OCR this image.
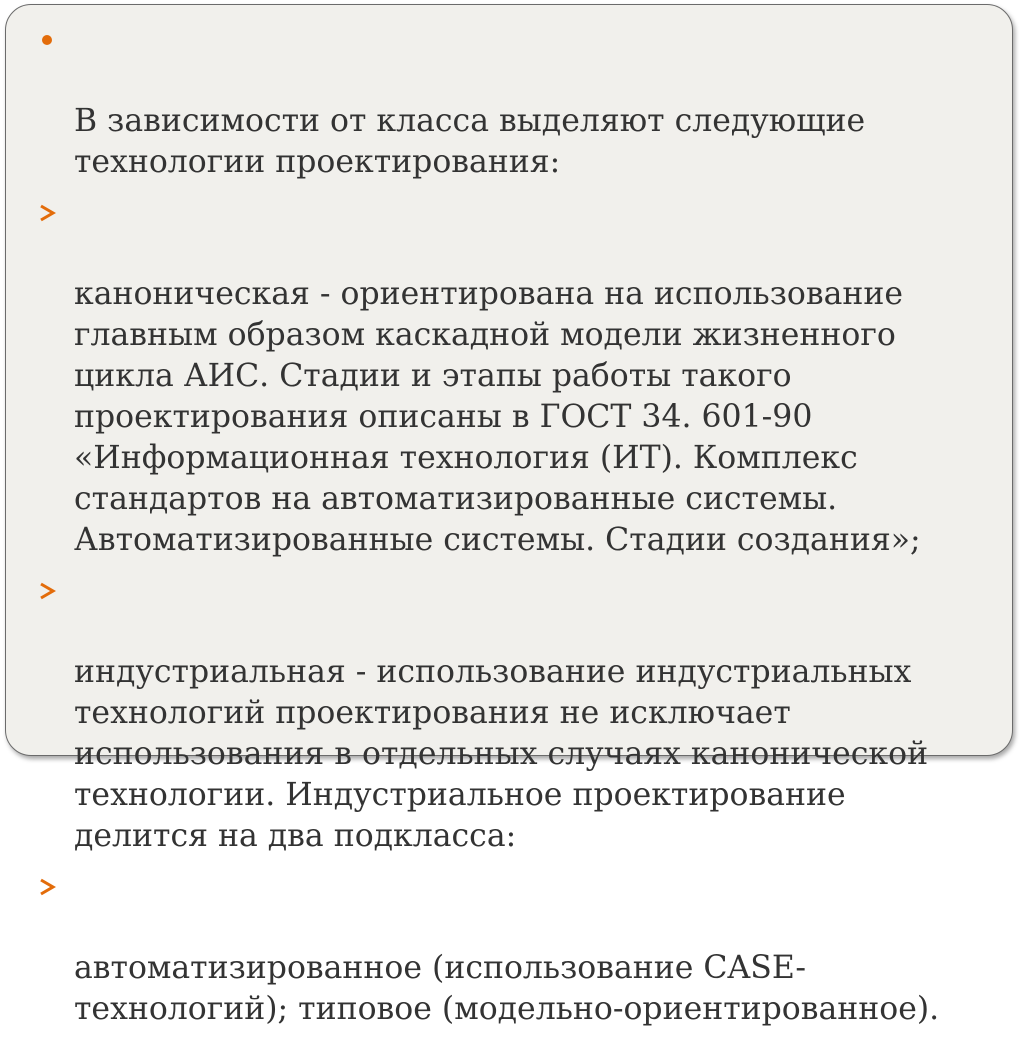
В зависимости от класса выделяют следующие
технологии проектирования:

каноническая - ориентирована на использование
главным образом каскадной модели жизненного
цикла АИС. Стадии и этапы работы такого
проектирования описаны в ГОСТ 34. 601-90
«Информационная технология (ИТ). Комплекс
стандартов на автоматизированные системы.
Автоматизированные системы. Стадии создания»;

индустриальная - использование индустриальных
технологий проектирования не исключает
использования в отдельных случаях канонической
технологии. Индустриальное проектирование
делится на два подкласса:

автоматизированное (использование CASE-
технологий); типовое (модельно-ориентированное).
